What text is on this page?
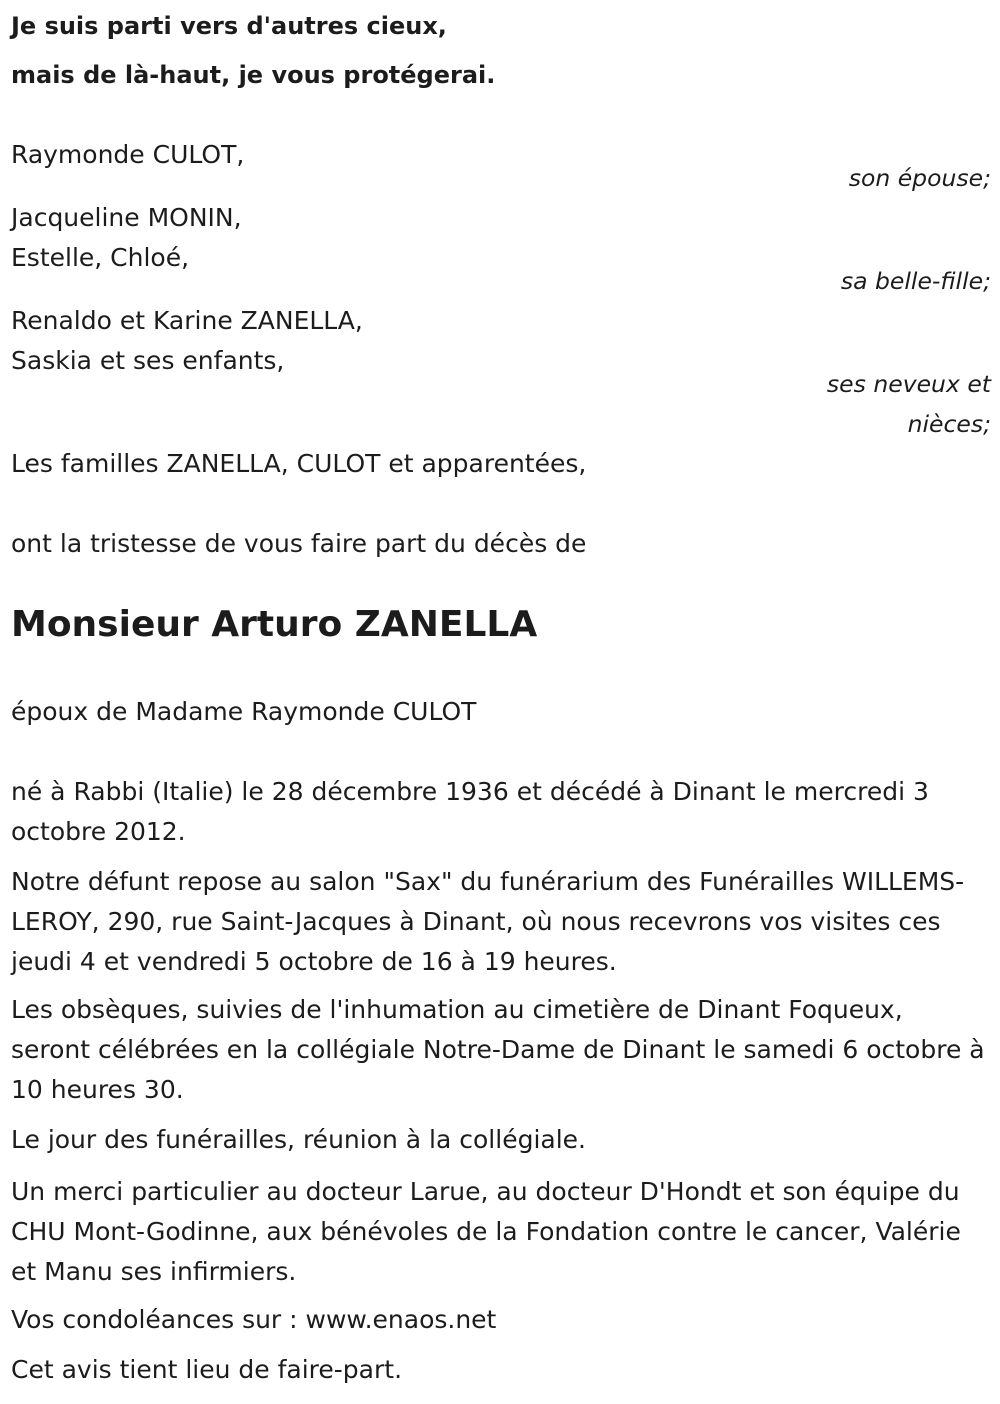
Je suis parti vers d'autres cieux,
mais de là-haut, je vous protégerai.
Raymonde CULOT,
son épouse;
Jacqueline MONIN,
Estelle, Chloé,
sa belle-fille;
Renaldo et Karine ZANELLA,
Saskia et ses enfants,
ses neveux et
nièces;
Les familles ZANELLA, CULOT et apparentées,
ont la tristesse de vous faire part du décès de
Monsieur Arturo ZANELLA
époux de Madame Raymonde CULOT
né à Rabbi (Italie) le 28 décembre 1936 et décédé à Dinant le mercredi 3 octobre 2012.
Notre défunt repose au salon "Sax" du funérarium des Funérailles WILLEMS-LEROY, 290, rue Saint-Jacques à Dinant, où nous recevrons vos visites ces jeudi 4 et vendredi 5 octobre de 16 à 19 heures.
Les obsèques, suivies de l'inhumation au cimetière de Dinant Foqueux, seront célébrées en la collégiale Notre-Dame de Dinant le samedi 6 octobre à 10 heures 30.
Le jour des funérailles, réunion à la collégiale.
Un merci particulier au docteur Larue, au docteur D'Hondt et son équipe du CHU Mont-Godinne, aux bénévoles de la Fondation contre le cancer, Valérie et Manu ses infirmiers.
Vos condoléances sur : www.enaos.net
Cet avis tient lieu de faire-part.
